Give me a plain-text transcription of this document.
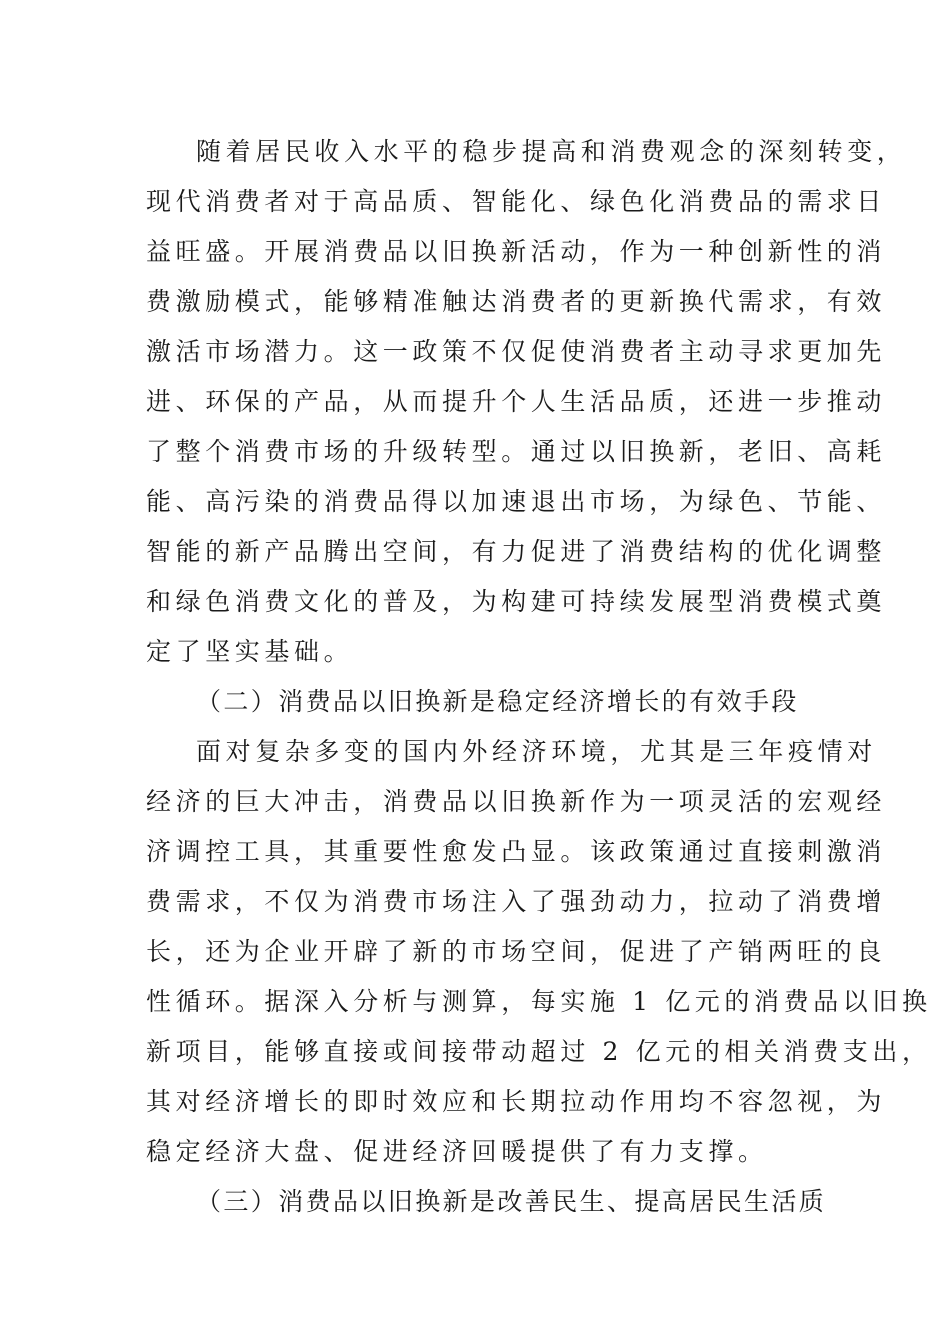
随着居民收入水平的稳步提高和消费观念的深刻转变，
现代消费者对于高品质、智能化、绿色化消费品的需求日
益旺盛。开展消费品以旧换新活动，作为一种创新性的消
费激励模式，能够精准触达消费者的更新换代需求，有效
激活市场潜力。这一政策不仅促使消费者主动寻求更加先
进、环保的产品，从而提升个人生活品质，还进一步推动
了整个消费市场的升级转型。通过以旧换新，老旧、高耗
能、高污染的消费品得以加速退出市场，为绿色、节能、
智能的新产品腾出空间，有力促进了消费结构的优化调整
和绿色消费文化的普及，为构建可持续发展型消费模式奠
定了坚实基础。
（二）消费品以旧换新是稳定经济增长的有效手段
面对复杂多变的国内外经济环境，尤其是三年疫情对
经济的巨大冲击，消费品以旧换新作为一项灵活的宏观经
济调控工具，其重要性愈发凸显。该政策通过直接刺激消
费需求，不仅为消费市场注入了强劲动力，拉动了消费增
长，还为企业开辟了新的市场空间，促进了产销两旺的良
性循环。据深入分析与测算，每实施 1 亿元的消费品以旧换
新项目，能够直接或间接带动超过 2 亿元的相关消费支出，
其对经济增长的即时效应和长期拉动作用均不容忽视，为
稳定经济大盘、促进经济回暖提供了有力支撑。
（三）消费品以旧换新是改善民生、提高居民生活质
